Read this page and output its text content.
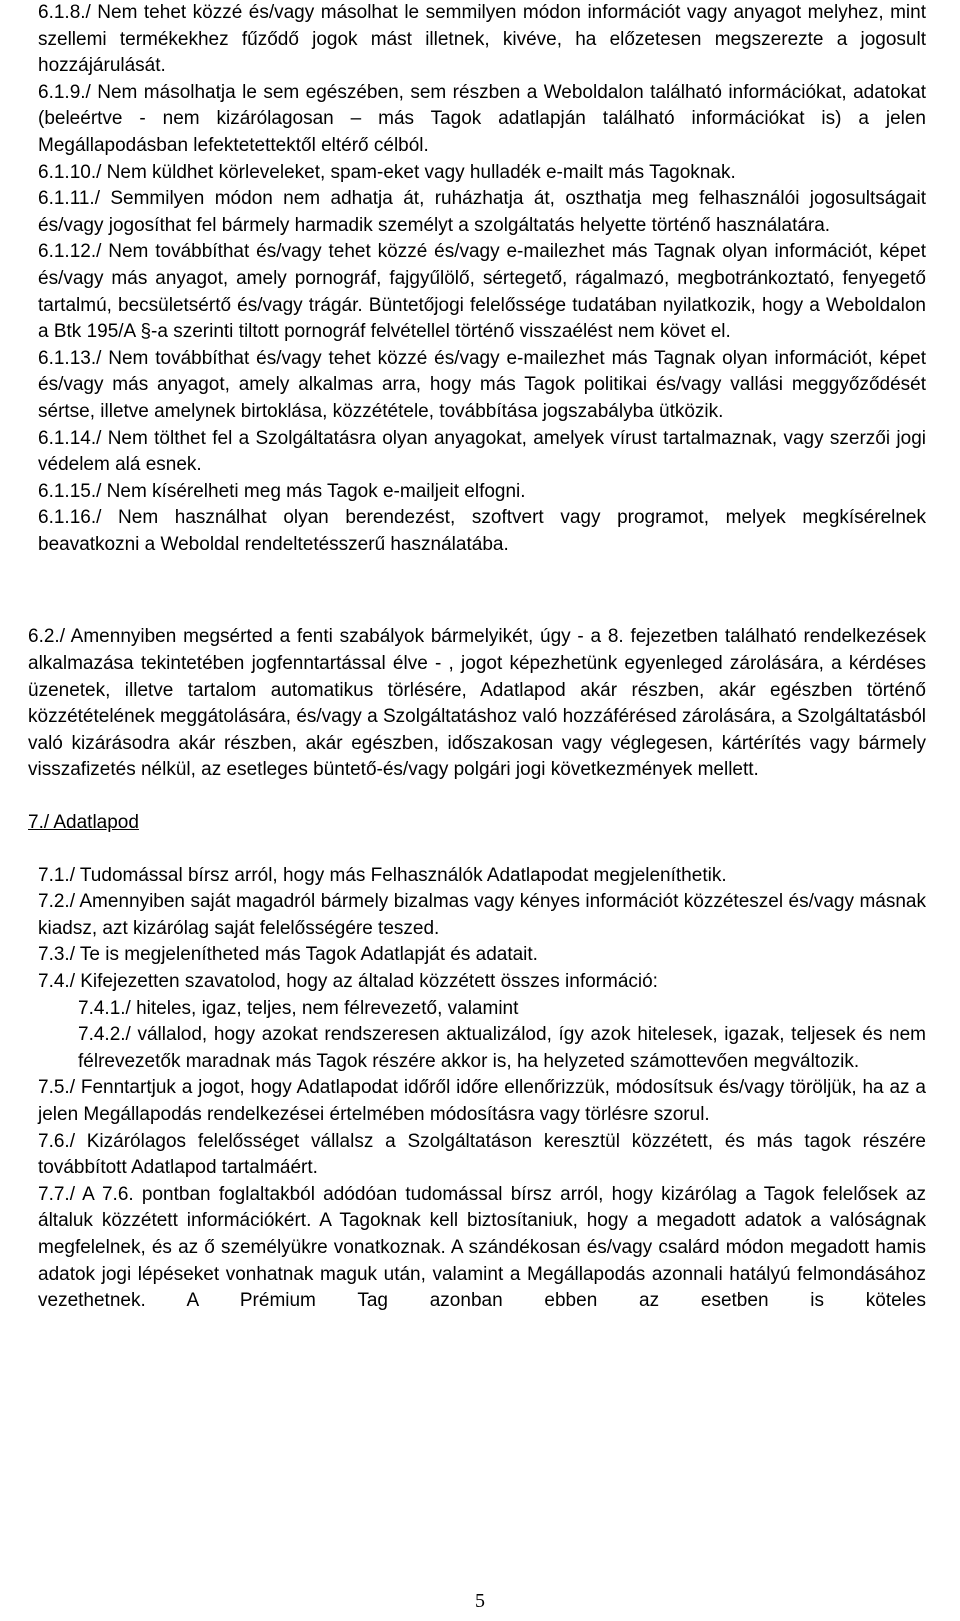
6.1.8./ Nem tehet közzé és/vagy másolhat le semmilyen módon információt vagy anyagot melyhez, mint szellemi termékekhez fűződő jogok mást illetnek, kivéve, ha előzetesen megszerezte a jogosult hozzájárulását.

6.1.9./ Nem másolhatja le sem egészében, sem részben a Weboldalon található információkat, adatokat (beleértve - nem kizárólagosan – más Tagok adatlapján található információkat is) a jelen Megállapodásban lefektetettektől eltérő célból.

6.1.10./ Nem küldhet körleveleket, spam-eket vagy hulladék e-mailt más Tagoknak.

6.1.11./ Semmilyen módon nem adhatja át, ruházhatja át, oszthatja meg felhasználói jogosultságait és/vagy jogosíthat fel bármely harmadik személyt a szolgáltatás helyette történő használatára.

6.1.12./ Nem továbbíthat és/vagy tehet közzé és/vagy e-mailezhet más Tagnak olyan információt, képet és/vagy más anyagot, amely pornográf, fajgyűlölő, sértegető, rágalmazó, megbotránkoztató, fenyegető tartalmú, becsületsértő és/vagy trágár. Büntetőjogi felelőssége tudatában nyilatkozik, hogy a Weboldalon a Btk 195/A §-a szerinti tiltott pornográf felvétellel történő visszaélést nem követ el.

6.1.13./ Nem továbbíthat és/vagy tehet közzé és/vagy e-mailezhet más Tagnak olyan információt, képet és/vagy más anyagot, amely alkalmas arra, hogy más Tagok politikai és/vagy vallási meggyőződését sértse, illetve amelynek birtoklása, közzététele, továbbítása jogszabályba ütközik.

6.1.14./ Nem tölthet fel a Szolgáltatásra olyan anyagokat, amelyek vírust tartalmaznak, vagy szerzői jogi védelem alá esnek.

6.1.15./ Nem kísérelheti meg más Tagok e-mailjeit elfogni.

6.1.16./ Nem használhat olyan berendezést, szoftvert vagy programot, melyek megkísérelnek beavatkozni a Weboldal rendeltetésszerű használatába.

6.2./ Amennyiben megsérted a fenti szabályok bármelyikét, úgy - a 8. fejezetben található rendelkezések alkalmazása tekintetében jogfenntartással élve - , jogot képezhetünk egyenleged zárolására, a kérdéses üzenetek, illetve tartalom automatikus törlésére, Adatlapod akár részben, akár egészben történő közzétételének meggátolására, és/vagy a Szolgáltatáshoz való hozzáférésed zárolására, a Szolgáltatásból való kizárásodra akár részben, akár egészben, időszakosan vagy véglegesen, kártérítés vagy bármely visszafizetés nélkül, az esetleges büntető-és/vagy polgári jogi következmények mellett.

7./ Adatlapod

7.1./ Tudomással bírsz arról, hogy más Felhasználók Adatlapodat megjeleníthetik.

7.2./ Amennyiben saját magadról bármely bizalmas vagy kényes információt közzéteszel és/vagy másnak kiadsz, azt kizárólag saját felelősségére teszed.

7.3./ Te is megjelenítheted más Tagok Adatlapját és adatait.

7.4./ Kifejezetten szavatolod, hogy az általad közzétett összes információ:

7.4.1./ hiteles, igaz, teljes, nem félrevezető, valamint

7.4.2./ vállalod, hogy azokat rendszeresen aktualizálod, így azok hitelesek, igazak, teljesek és nem félrevezetők maradnak más Tagok részére akkor is, ha helyzeted számottevően megváltozik.

7.5./ Fenntartjuk a jogot, hogy Adatlapodat időről időre ellenőrizzük, módosítsuk és/vagy töröljük, ha az a jelen Megállapodás rendelkezései értelmében módosításra vagy törlésre szorul.

7.6./ Kizárólagos felelősséget vállalsz a Szolgáltatáson keresztül közzétett, és más tagok részére továbbított Adatlapod tartalmáért.

7.7./ A 7.6. pontban foglaltakból adódóan tudomással bírsz arról, hogy kizárólag a Tagok felelősek az általuk közzétett információkért. A Tagoknak kell biztosítaniuk, hogy a megadott adatok a valóságnak megfelelnek, és az ő személyükre vonatkoznak. A szándékosan és/vagy csalárd módon megadott hamis adatok jogi lépéseket vonhatnak maguk után, valamint a Megállapodás azonnali hatályú felmondásához vezethetnek. A Prémium Tag azonban ebben az esetben is köteles

5
